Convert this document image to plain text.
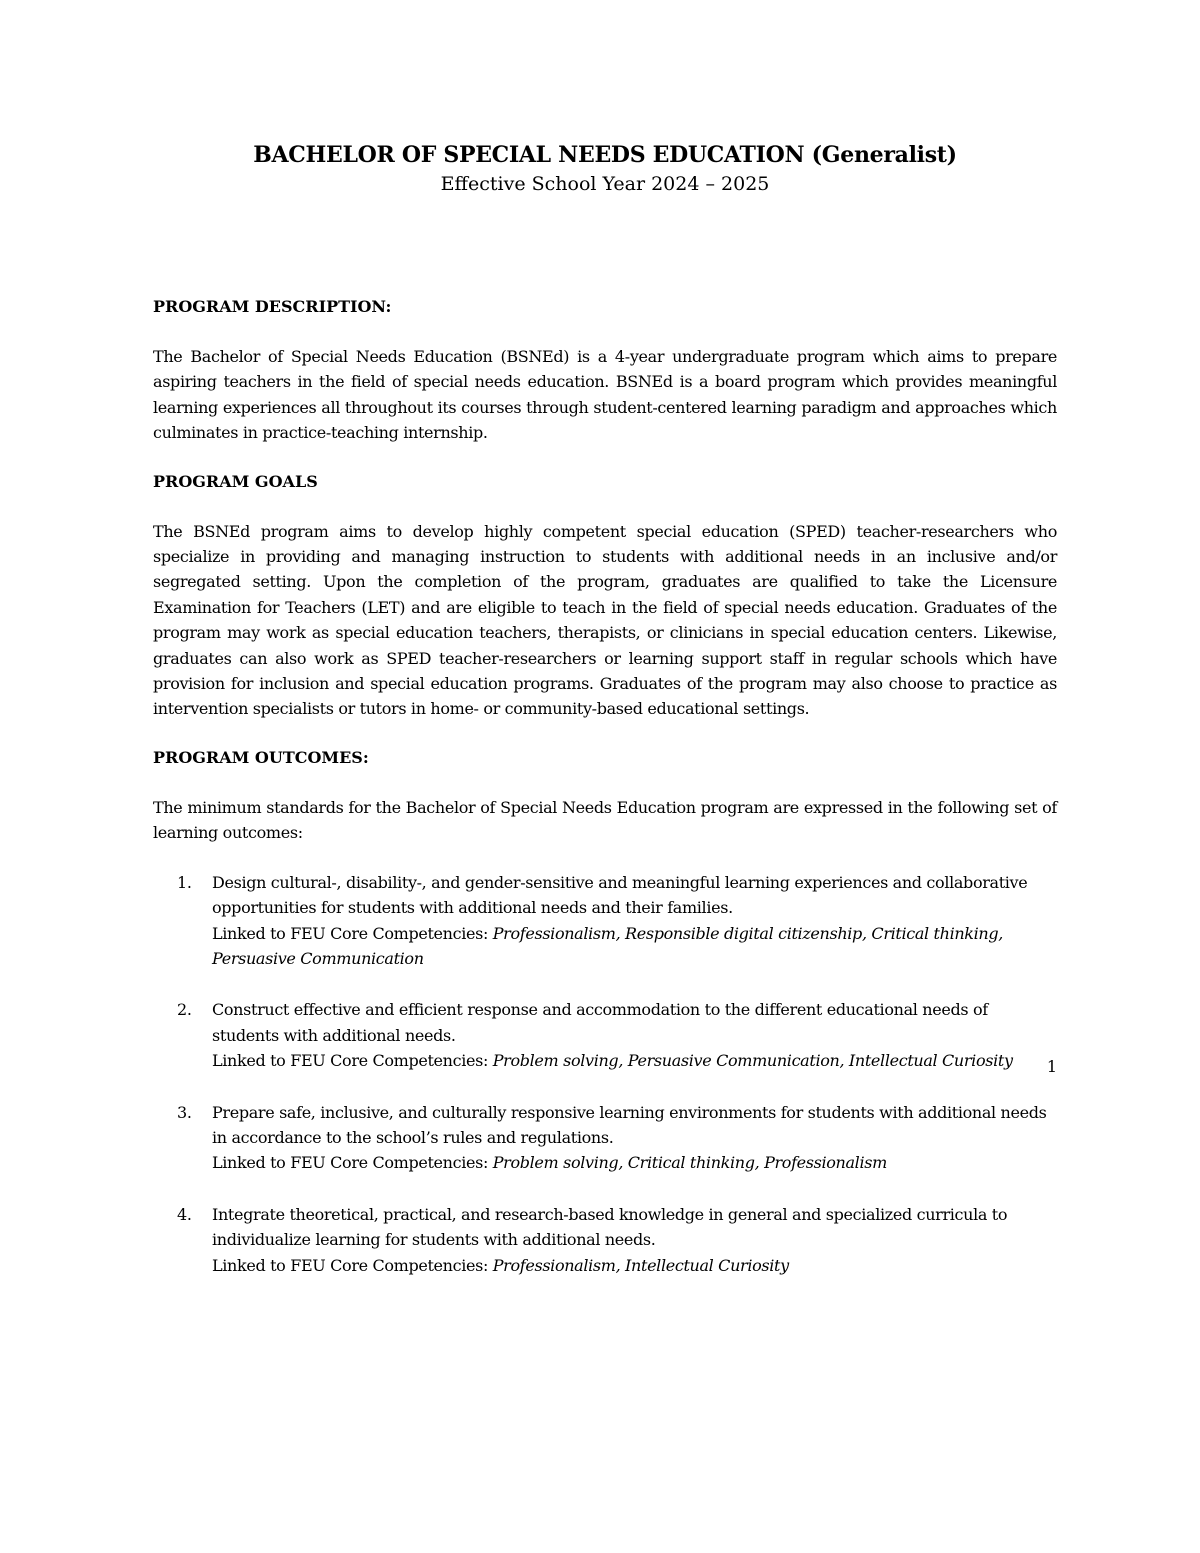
BACHELOR OF SPECIAL NEEDS EDUCATION (Generalist)

Effective School Year 2024 – 2025

PROGRAM DESCRIPTION:

The Bachelor of Special Needs Education (BSNEd) is a 4-year undergraduate program which aims to prepare aspiring teachers in the field of special needs education. BSNEd is a board program which provides meaningful learning experiences all throughout its courses through student-centered learning paradigm and approaches which culminates in practice-teaching internship.

PROGRAM GOALS

The BSNEd program aims to develop highly competent special education (SPED) teacher-researchers who specialize in providing and managing instruction to students with additional needs in an inclusive and/or segregated setting. Upon the completion of the program, graduates are qualified to take the Licensure Examination for Teachers (LET) and are eligible to teach in the field of special needs education. Graduates of the program may work as special education teachers, therapists, or clinicians in special education centers. Likewise, graduates can also work as SPED teacher-researchers or learning support staff in regular schools which have provision for inclusion and special education programs. Graduates of the program may also choose to practice as intervention specialists or tutors in home- or community-based educational settings.

PROGRAM OUTCOMES:

The minimum standards for the Bachelor of Special Needs Education program are expressed in the following set of learning outcomes:

1. Design cultural-, disability-, and gender-sensitive and meaningful learning experiences and collaborative opportunities for students with additional needs and their families.
Linked to FEU Core Competencies: Professionalism, Responsible digital citizenship, Critical thinking, Persuasive Communication
2. Construct effective and efficient response and accommodation to the different educational needs of students with additional needs.
Linked to FEU Core Competencies: Problem solving, Persuasive Communication, Intellectual Curiosity
3. Prepare safe, inclusive, and culturally responsive learning environments for students with additional needs in accordance to the school’s rules and regulations.
Linked to FEU Core Competencies: Problem solving, Critical thinking, Professionalism
4. Integrate theoretical, practical, and research-based knowledge in general and specialized curricula to individualize learning for students with additional needs.
Linked to FEU Core Competencies: Professionalism, Intellectual Curiosity
1
